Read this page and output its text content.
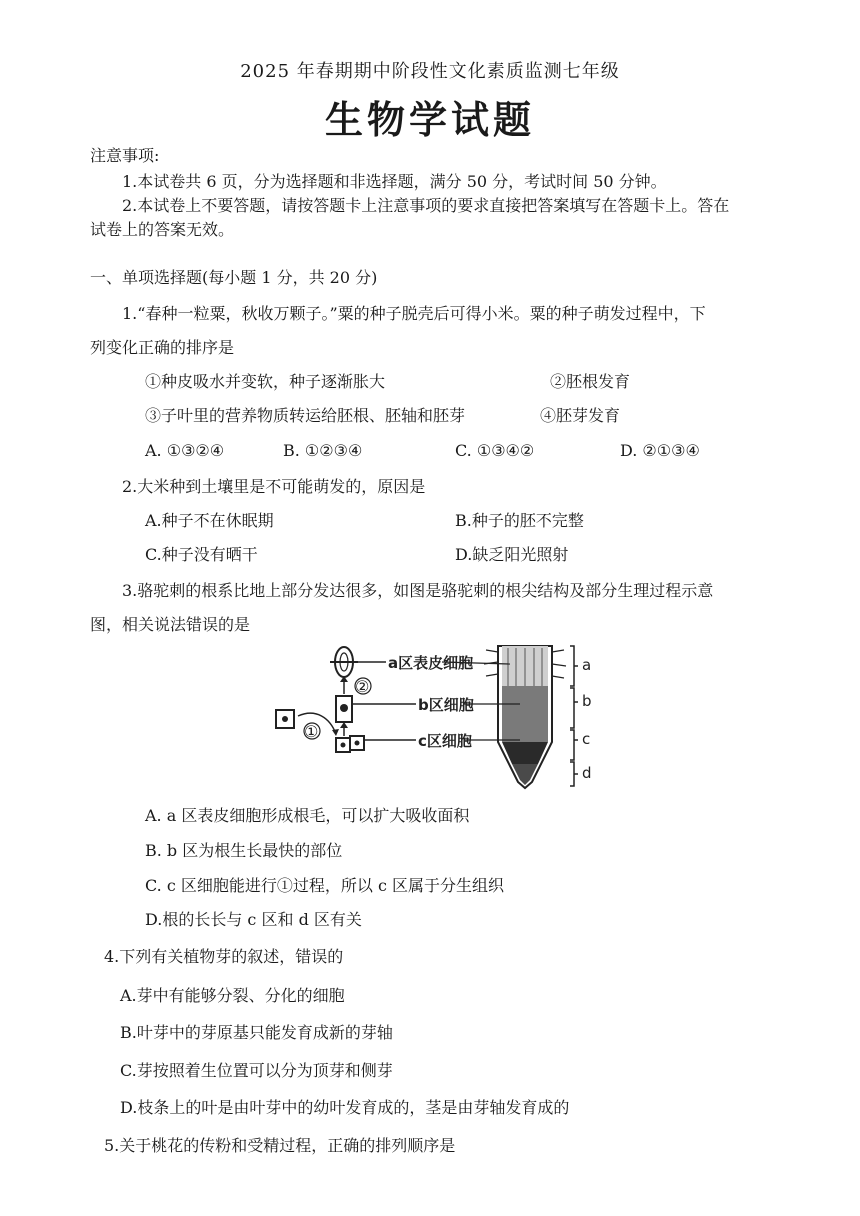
2025 年春期期中阶段性文化素质监测七年级
生物学试题
注意事项:
1.本试卷共 6 页，分为选择题和非选择题，满分 50 分，考试时间 50 分钟。
2.本试卷上不要答题，请按答题卡上注意事项的要求直接把答案填写在答题卡上。答在
试卷上的答案无效。
一、单项选择题(每小题 1 分，共 20 分)
1.“春种一粒粟，秋收万颗子。”粟的种子脱壳后可得小米。粟的种子萌发过程中，下
列变化正确的排序是
①种皮吸水并变软，种子逐渐胀大	②胚根发育
③子叶里的营养物质转运给胚根、胚轴和胚芽	④胚芽发育
A. ①③②④	B. ①②③④	C. ①③④②	D. ②①③④
2.大米种到土壤里是不可能萌发的，原因是
A.种子不在休眠期	B.种子的胚不完整
C.种子没有晒干	D.缺乏阳光照射
3.骆驼刺的根系比地上部分发达很多，如图是骆驼刺的根尖结构及部分生理过程示意
图，相关说法错误的是
a
b
c
d
②
①
a区表皮细胞
b区细胞
c区细胞
A. a 区表皮细胞形成根毛，可以扩大吸收面积
B. b 区为根生长最快的部位
C. c 区细胞能进行①过程，所以 c 区属于分生组织
D.根的长长与 c 区和 d 区有关
4.下列有关植物芽的叙述，错误的
A.芽中有能够分裂、分化的细胞
B.叶芽中的芽原基只能发育成新的芽轴
C.芽按照着生位置可以分为顶芽和侧芽
D.枝条上的叶是由叶芽中的幼叶发育成的，茎是由芽轴发育成的
5.关于桃花的传粉和受精过程，正确的排列顺序是
